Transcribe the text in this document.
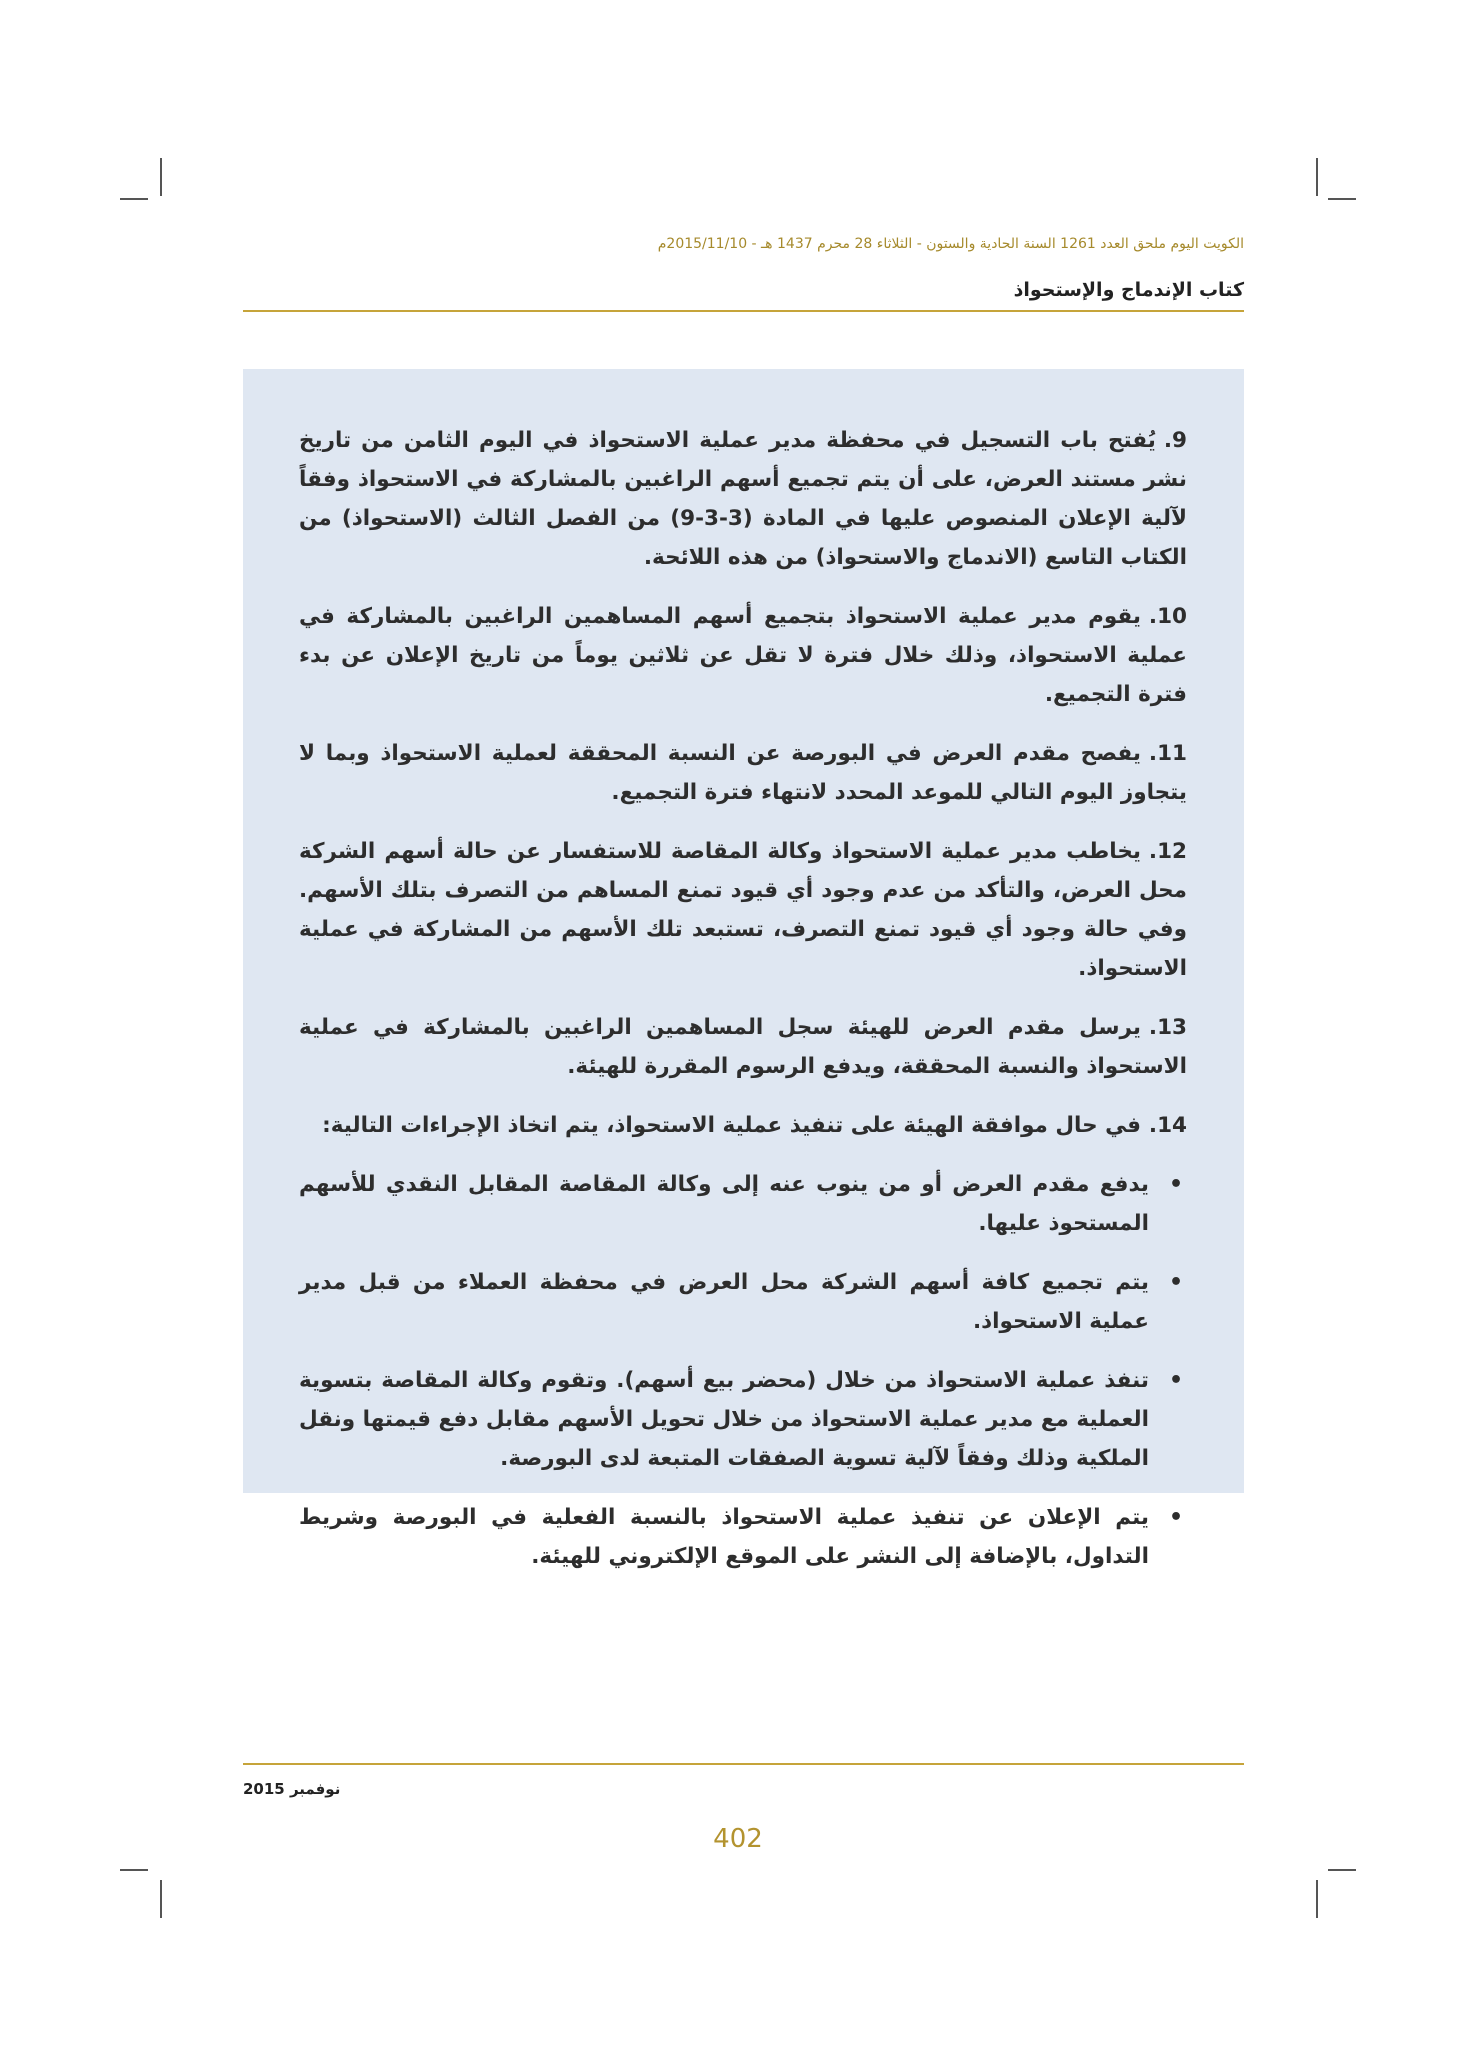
الكويت اليوم ملحق العدد 1261 السنة الحادية والستون - الثلاثاء 28 محرم 1437 هـ - 2015/11/10م
كتاب الإندماج والإستحواذ

9.يُفتح باب التسجيل في محفظة مدير عملية الاستحواذ في اليوم الثامن من تاريخ نشر مستند العرض، على أن يتم تجميع أسهم الراغبين بالمشاركة في الاستحواذ وفقاً لآلية الإعلان المنصوص عليها في المادة (3-3-9) من الفصل الثالث (الاستحواذ) من الكتاب التاسع (الاندماج والاستحواذ) من هذه اللائحة.

10.يقوم مدير عملية الاستحواذ بتجميع أسهم المساهمين الراغبين بالمشاركة في عملية الاستحواذ، وذلك خلال فترة لا تقل عن ثلاثين يوماً من تاريخ الإعلان عن بدء فترة التجميع.

11.يفصح مقدم العرض في البورصة عن النسبة المحققة لعملية الاستحواذ وبما لا يتجاوز اليوم التالي للموعد المحدد لانتهاء فترة التجميع.

12.يخاطب مدير عملية الاستحواذ وكالة المقاصة للاستفسار عن حالة أسهم الشركة محل العرض، والتأكد من عدم وجود أي قيود تمنع المساهم من التصرف بتلك الأسهم. وفي حالة وجود أي قيود تمنع التصرف، تستبعد تلك الأسهم من المشاركة في عملية الاستحواذ.

13.يرسل مقدم العرض للهيئة سجل المساهمين الراغبين بالمشاركة في عملية الاستحواذ والنسبة المحققة، ويدفع الرسوم المقررة للهيئة.

14.في حال موافقة الهيئة على تنفيذ عملية الاستحواذ، يتم اتخاذ الإجراءات التالية:

•
يدفع مقدم العرض أو من ينوب عنه إلى وكالة المقاصة المقابل النقدي للأسهم المستحوذ عليها.
•
يتم تجميع كافة أسهم الشركة محل العرض في محفظة العملاء من قبل مدير عملية الاستحواذ.
•
تنفذ عملية الاستحواذ من خلال (محضر بيع أسهم). وتقوم وكالة المقاصة بتسوية العملية مع مدير عملية الاستحواذ من خلال تحويل الأسهم مقابل دفع قيمتها ونقل الملكية وذلك وفقاً لآلية تسوية الصفقات المتبعة لدى البورصة.
•
يتم الإعلان عن تنفيذ عملية الاستحواذ بالنسبة الفعلية في البورصة وشريط التداول، بالإضافة إلى النشر على الموقع الإلكتروني للهيئة.
نوفمبر 2015
402
